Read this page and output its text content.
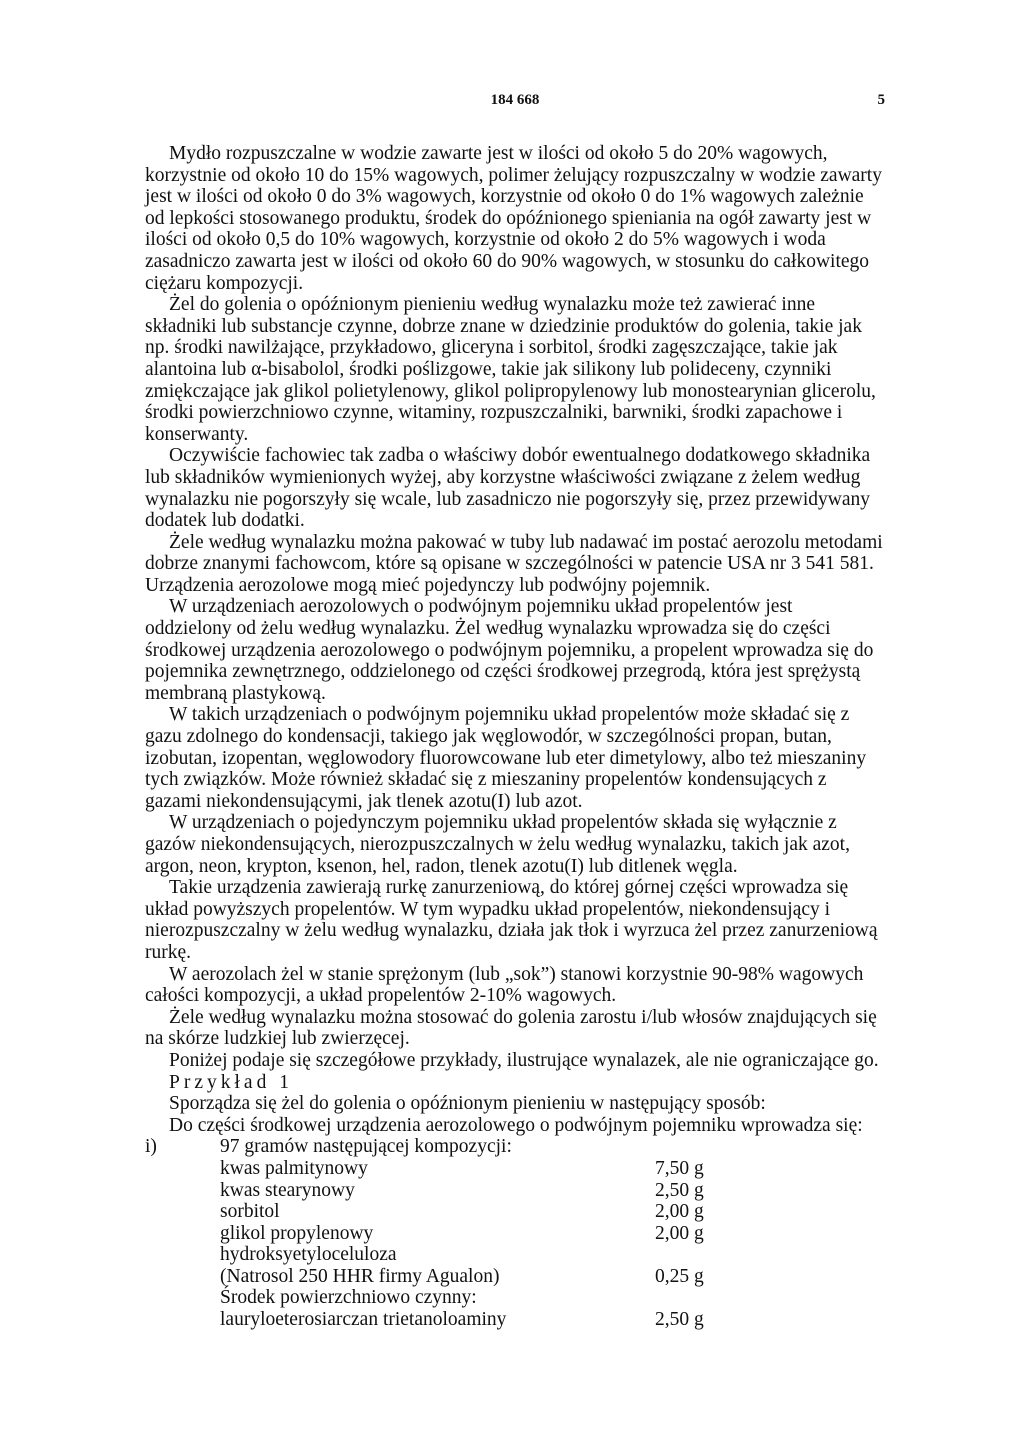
184 668	5

Mydło rozpuszczalne w wodzie zawarte jest w ilości od około 5 do 20% wagowych, korzystnie od około 10 do 15% wagowych, polimer żelujący rozpuszczalny w wodzie zawarty jest w ilości od około 0 do 3% wagowych, korzystnie od około 0 do 1% wagowych zależnie od lepkości stosowanego produktu, środek do opóźnionego spieniania na ogół zawarty jest w ilości od około 0,5 do 10% wagowych, korzystnie od około 2 do 5% wagowych i woda zasadniczo zawarta jest w ilości od około 60 do 90% wagowych, w stosunku do całkowitego ciężaru kompozycji.

Żel do golenia o opóźnionym pienieniu według wynalazku może też zawierać inne składniki lub substancje czynne, dobrze znane w dziedzinie produktów do golenia, takie jak np. środki nawilżające, przykładowo, gliceryna i sorbitol, środki zagęszczające, takie jak alantoina lub α-bisabolol, środki poślizgowe, takie jak silikony lub polideceny, czynniki zmiękczające jak glikol polietylenowy, glikol polipropylenowy lub monostearynian glicerolu, środki powierzchniowo czynne, witaminy, rozpuszczalniki, barwniki, środki zapachowe i konserwanty.

Oczywiście fachowiec tak zadba o właściwy dobór ewentualnego dodatkowego składnika lub składników wymienionych wyżej, aby korzystne właściwości związane z żelem według wynalazku nie pogorszyły się wcale, lub zasadniczo nie pogorszyły się, przez przewidywany dodatek lub dodatki.

Żele według wynalazku można pakować w tuby lub nadawać im postać aerozolu metodami dobrze znanymi fachowcom, które są opisane w szczególności w patencie USA nr 3 541 581. Urządzenia aerozolowe mogą mieć pojedynczy lub podwójny pojemnik.

W urządzeniach aerozolowych o podwójnym pojemniku układ propelentów jest oddzielony od żelu według wynalazku. Żel według wynalazku wprowadza się do części środkowej urządzenia aerozolowego o podwójnym pojemniku, a propelent wprowadza się do pojemnika zewnętrznego, oddzielonego od części środkowej przegrodą, która jest sprężystą membraną plastykową.

W takich urządzeniach o podwójnym pojemniku układ propelentów może składać się z gazu zdolnego do kondensacji, takiego jak węglowodór, w szczególności propan, butan, izobutan, izopentan, węglowodory fluorowcowane lub eter dimetylowy, albo też mieszaniny tych związków. Może również składać się z mieszaniny propelentów kondensujących z gazami niekondensującymi, jak tlenek azotu(I) lub azot.

W urządzeniach o pojedynczym pojemniku układ propelentów składa się wyłącznie z gazów niekondensujących, nierozpuszczalnych w żelu według wynalazku, takich jak azot, argon, neon, krypton, ksenon, hel, radon, tlenek azotu(I) lub ditlenek węgla.

Takie urządzenia zawierają rurkę zanurzeniową, do której górnej części wprowadza się układ powyższych propelentów. W tym wypadku układ propelentów, niekondensujący i nierozpuszczalny w żelu według wynalazku, działa jak tłok i wyrzuca żel przez zanurzeniową rurkę.

W aerozolach żel w stanie sprężonym (lub „sok”) stanowi korzystnie 90-98% wagowych całości kompozycji, a układ propelentów 2-10% wagowych.

Żele według wynalazku można stosować do golenia zarostu i/lub włosów znajdujących się na skórze ludzkiej lub zwierzęcej.

Poniżej podaje się szczegółowe przykłady, ilustrujące wynalazek, ale nie ograniczające go.

Przykład 1

Sporządza się żel do golenia o opóźnionym pienieniu w następujący sposób:

Do części środkowej urządzenia aerozolowego o podwójnym pojemniku wprowadza się:

i)	97 gramów następującej kompozycji:
kwas palmitynowy	7,50 g
kwas stearynowy	2,50 g
sorbitol	2,00 g
glikol propylenowy	2,00 g
hydroksyetyloceluloza
(Natrosol 250 HHR firmy Agualon)	0,25 g
Środek powierzchniowo czynny:
lauryloeterosiarczan trietanoloaminy	2,50 g
